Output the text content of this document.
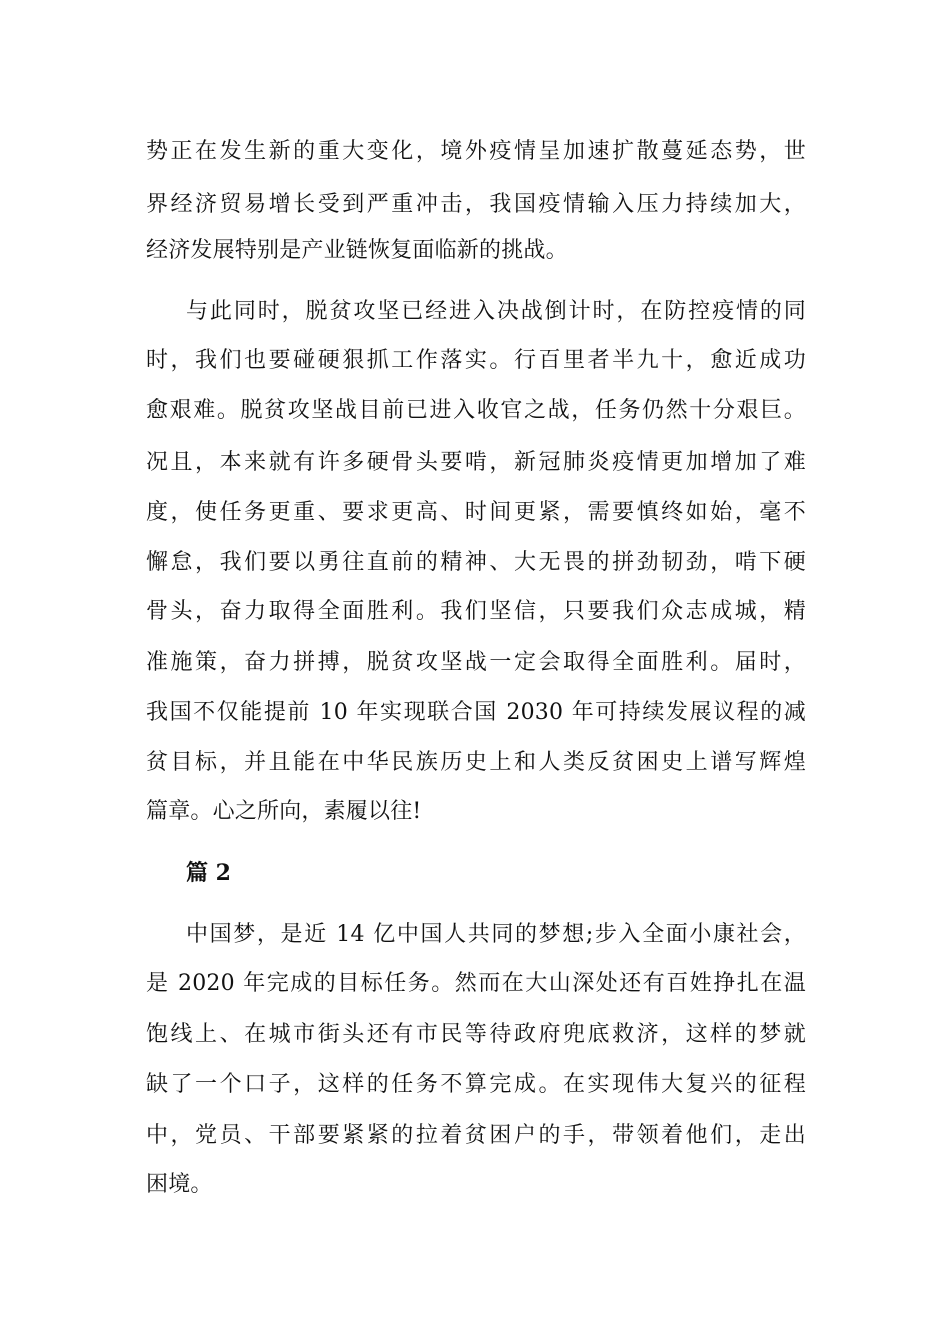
势正在发生新的重大变化，境外疫情呈加速扩散蔓延态势，世
界经济贸易增长受到严重冲击，我国疫情输入压力持续加大，
经济发展特别是产业链恢复面临新的挑战。
与此同时，脱贫攻坚已经进入决战倒计时，在防控疫情的同
时，我们也要碰硬狠抓工作落实。行百里者半九十，愈近成功
愈艰难。脱贫攻坚战目前已进入收官之战，任务仍然十分艰巨。
况且，本来就有许多硬骨头要啃，新冠肺炎疫情更加增加了难
度，使任务更重、要求更高、时间更紧，需要慎终如始，毫不
懈怠，我们要以勇往直前的精神、大无畏的拼劲韧劲，啃下硬
骨头，奋力取得全面胜利。我们坚信，只要我们众志成城，精
准施策，奋力拼搏，脱贫攻坚战一定会取得全面胜利。届时，
我国不仅能提前 10 年实现联合国 2030 年可持续发展议程的减
贫目标，并且能在中华民族历史上和人类反贫困史上谱写辉煌
篇章。心之所向，素履以往!
篇 2
中国梦，是近 14 亿中国人共同的梦想;步入全面小康社会，
是 2020 年完成的目标任务。然而在大山深处还有百姓挣扎在温
饱线上、在城市街头还有市民等待政府兜底救济，这样的梦就
缺了一个口子，这样的任务不算完成。在实现伟大复兴的征程
中，党员、干部要紧紧的拉着贫困户的手，带领着他们，走出
困境。
